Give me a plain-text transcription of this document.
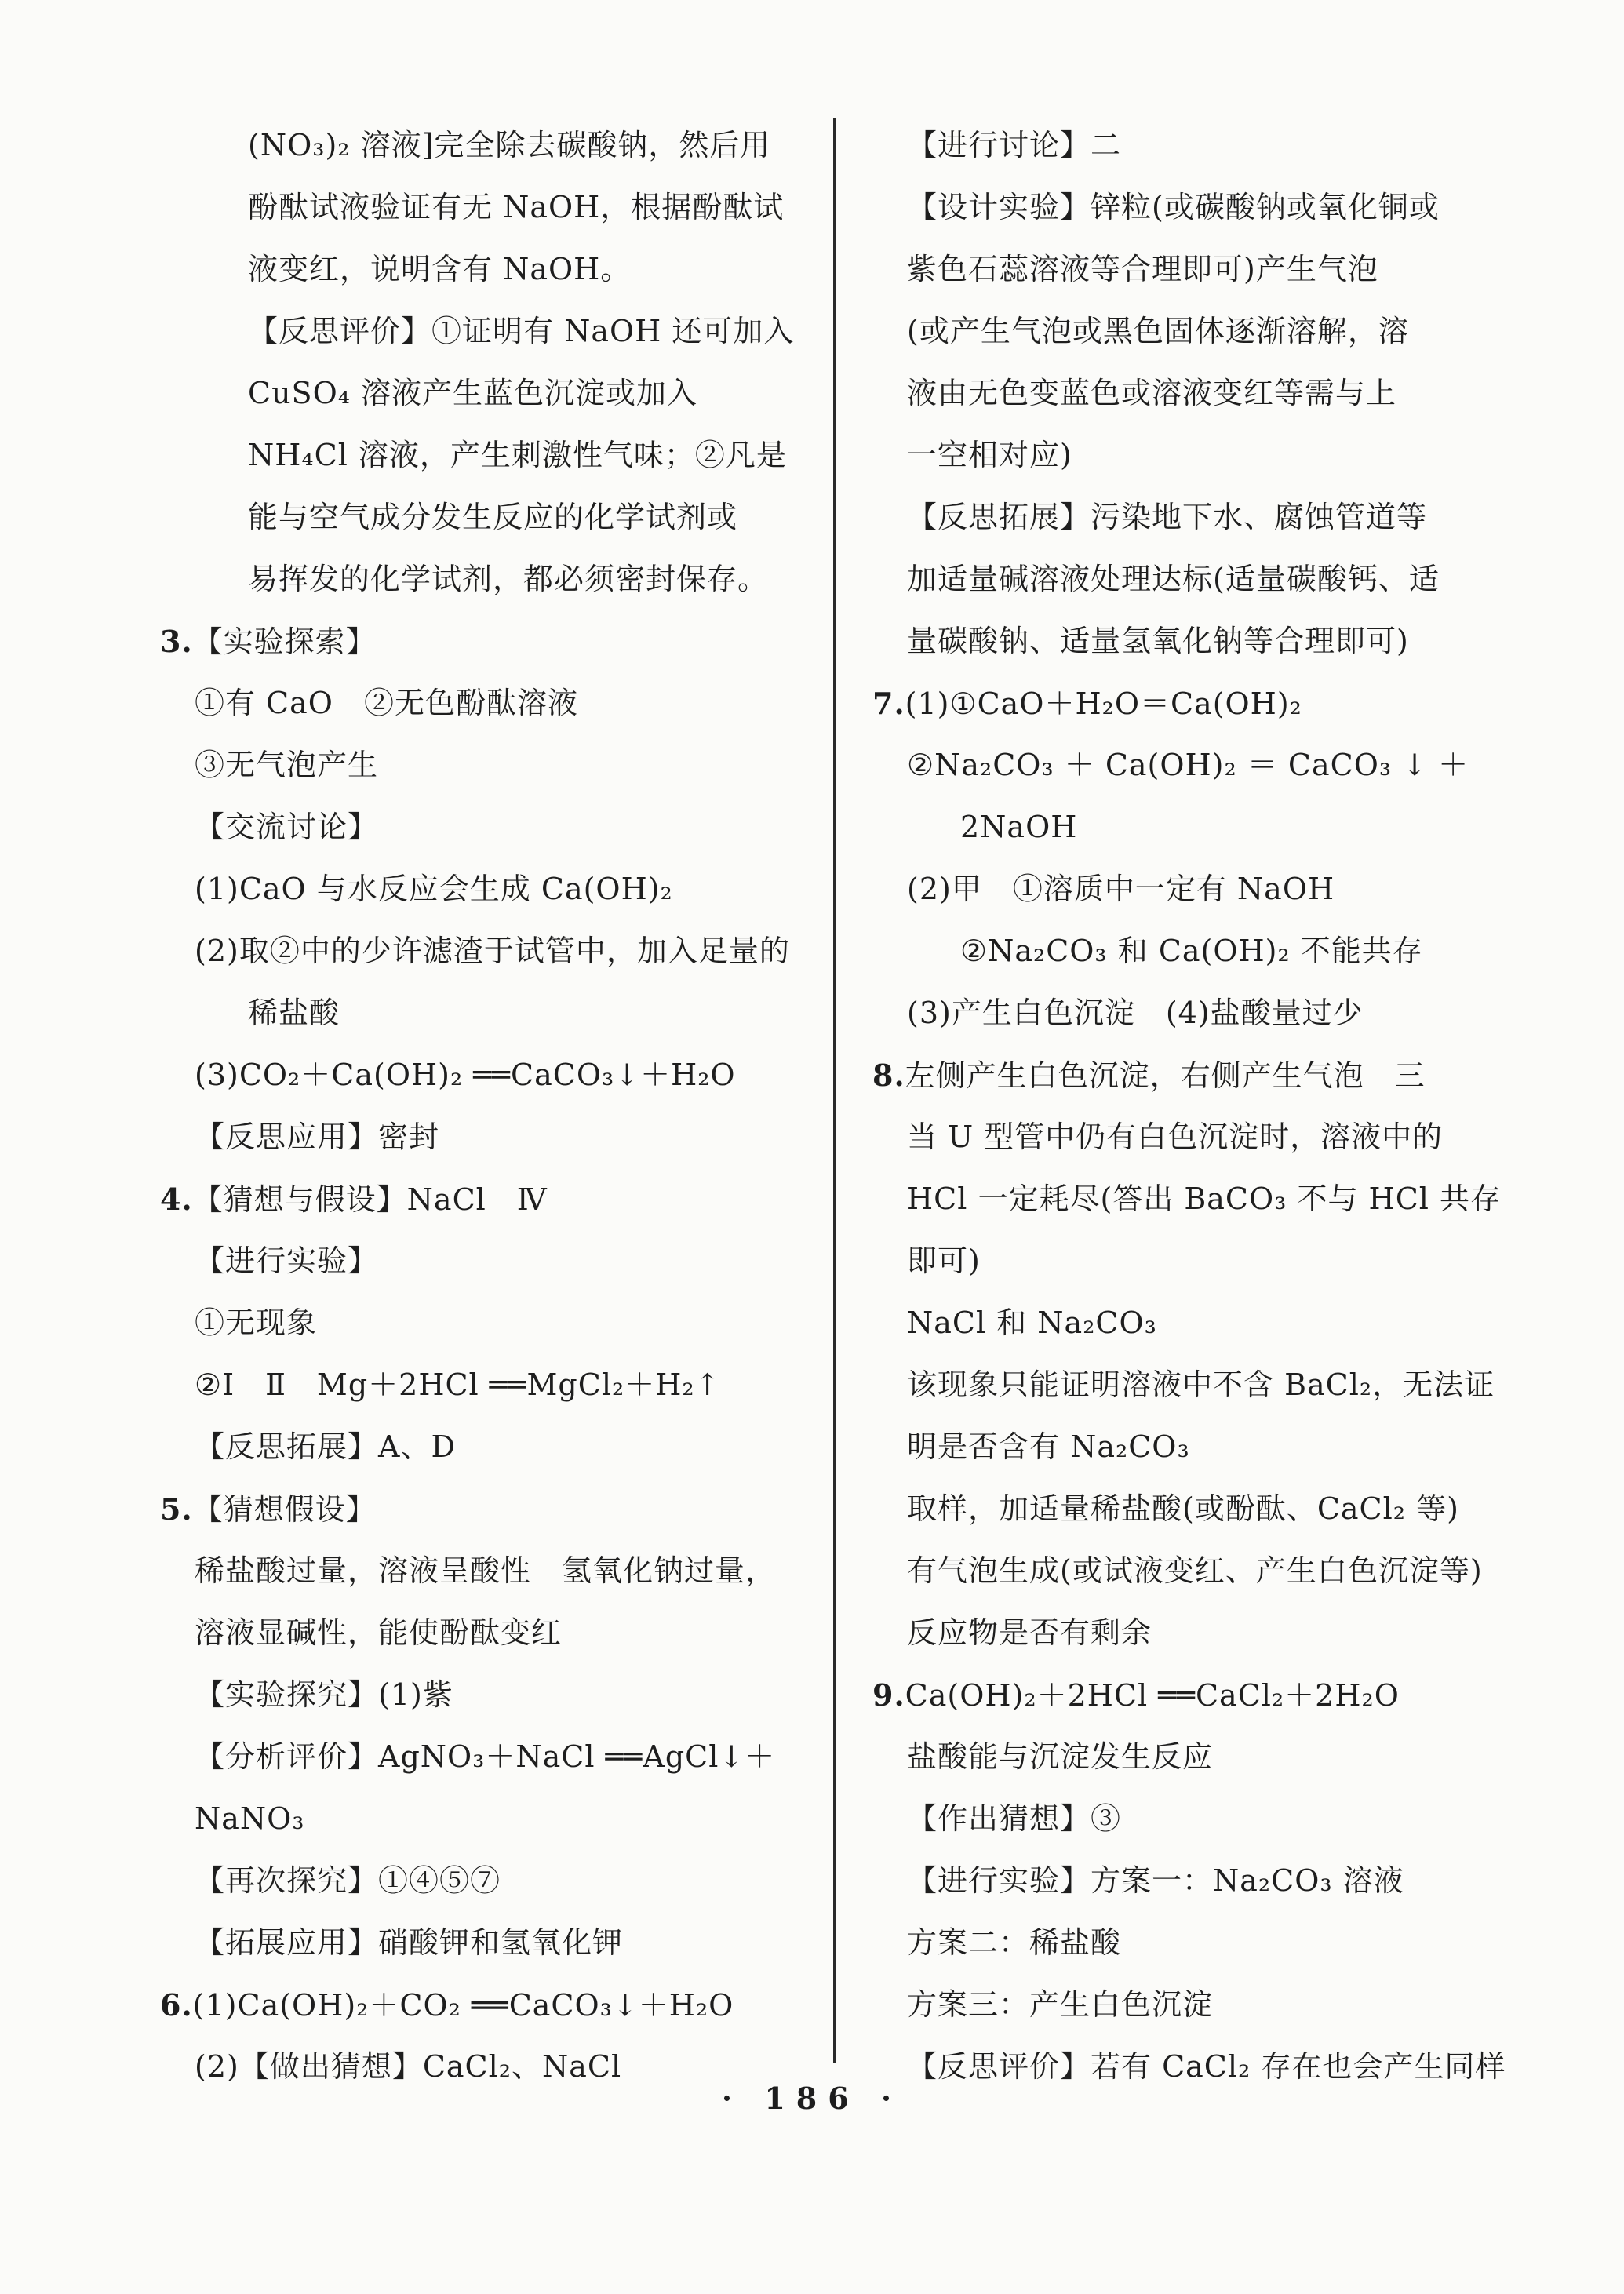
(NO₃)₂ 溶液]完全除去碳酸钠，然后用
酚酞试液验证有无 NaOH，根据酚酞试
液变红，说明含有 NaOH。
【反思评价】①证明有 NaOH 还可加入
CuSO₄ 溶液产生蓝色沉淀或加入
NH₄Cl 溶液，产生刺激性气味；②凡是
能与空气成分发生反应的化学试剂或
易挥发的化学试剂，都必须密封保存。
3.【实验探索】
①有 CaO　②无色酚酞溶液
③无气泡产生
【交流讨论】
(1)CaO 与水反应会生成 Ca(OH)₂
(2)取②中的少许滤渣于试管中，加入足量的
稀盐酸
(3)CO₂＋Ca(OH)₂ ══CaCO₃↓＋H₂O
【反思应用】密封
4.【猜想与假设】NaCl　Ⅳ
【进行实验】
①无现象
②Ⅰ　Ⅱ　Mg＋2HCl ══MgCl₂＋H₂↑
【反思拓展】A、D
5.【猜想假设】
稀盐酸过量，溶液呈酸性　氢氧化钠过量，
溶液显碱性，能使酚酞变红
【实验探究】(1)紫
【分析评价】AgNO₃＋NaCl ══AgCl↓＋
NaNO₃
【再次探究】①④⑤⑦
【拓展应用】硝酸钾和氢氧化钾
6.(1)Ca(OH)₂＋CO₂ ══CaCO₃↓＋H₂O
(2)【做出猜想】CaCl₂、NaCl
【进行讨论】二
【设计实验】锌粒(或碳酸钠或氧化铜或
紫色石蕊溶液等合理即可)产生气泡
(或产生气泡或黑色固体逐渐溶解，溶
液由无色变蓝色或溶液变红等需与上
一空相对应)
【反思拓展】污染地下水、腐蚀管道等
加适量碱溶液处理达标(适量碳酸钙、适
量碳酸钠、适量氢氧化钠等合理即可)
7.(1)①CaO＋H₂O＝Ca(OH)₂
②Na₂CO₃ ＋ Ca(OH)₂ ＝ CaCO₃ ↓ ＋
2NaOH
(2)甲　①溶质中一定有 NaOH
②Na₂CO₃ 和 Ca(OH)₂ 不能共存
(3)产生白色沉淀　(4)盐酸量过少
8.左侧产生白色沉淀，右侧产生气泡　三
当 U 型管中仍有白色沉淀时，溶液中的
HCl 一定耗尽(答出 BaCO₃ 不与 HCl 共存
即可)
NaCl 和 Na₂CO₃
该现象只能证明溶液中不含 BaCl₂，无法证
明是否含有 Na₂CO₃
取样，加适量稀盐酸(或酚酞、CaCl₂ 等)
有气泡生成(或试液变红、产生白色沉淀等)
反应物是否有剩余
9.Ca(OH)₂＋2HCl ══CaCl₂＋2H₂O
盐酸能与沉淀发生反应
【作出猜想】③
【进行实验】方案一：Na₂CO₃ 溶液
方案二：稀盐酸
方案三：产生白色沉淀
【反思评价】若有 CaCl₂ 存在也会产生同样
· 186 ·
